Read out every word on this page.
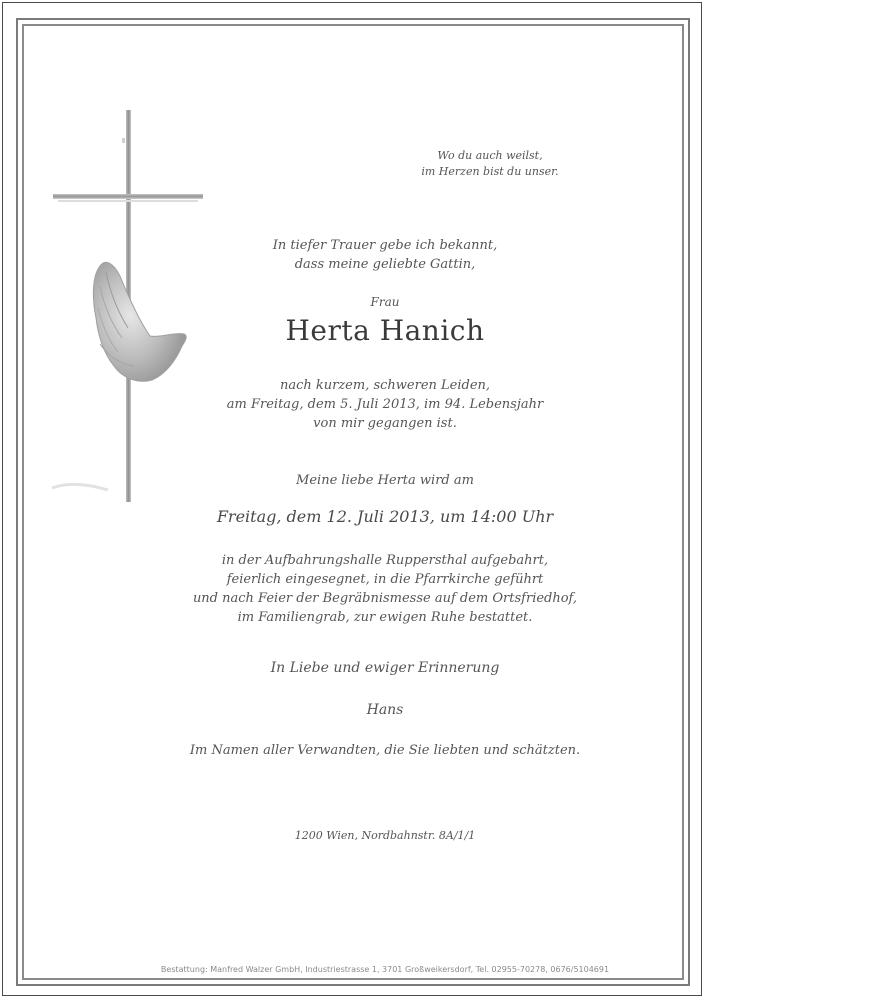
Wo du auch weilst,
im Herzen bist du unser.
In tiefer Trauer gebe ich bekannt,
dass meine geliebte Gattin,
Frau
Herta Hanich
nach kurzem, schweren Leiden,
am Freitag, dem 5. Juli 2013, im 94. Lebensjahr
von mir gegangen ist.
Meine liebe Herta wird am
Freitag, dem 12. Juli 2013, um 14:00 Uhr
in der Aufbahrungshalle Ruppersthal aufgebahrt,
feierlich eingesegnet, in die Pfarrkirche geführt
und nach Feier der Begräbnismesse auf dem Ortsfriedhof,
im Familiengrab, zur ewigen Ruhe bestattet.
In Liebe und ewiger Erinnerung
Hans
Im Namen aller Verwandten, die Sie liebten und schätzten.
1200 Wien, Nordbahnstr. 8A/1/1
Bestattung: Manfred Walzer GmbH, Industriestrasse 1, 3701 Großweikersdorf, Tel. 02955-70278, 0676/5104691
